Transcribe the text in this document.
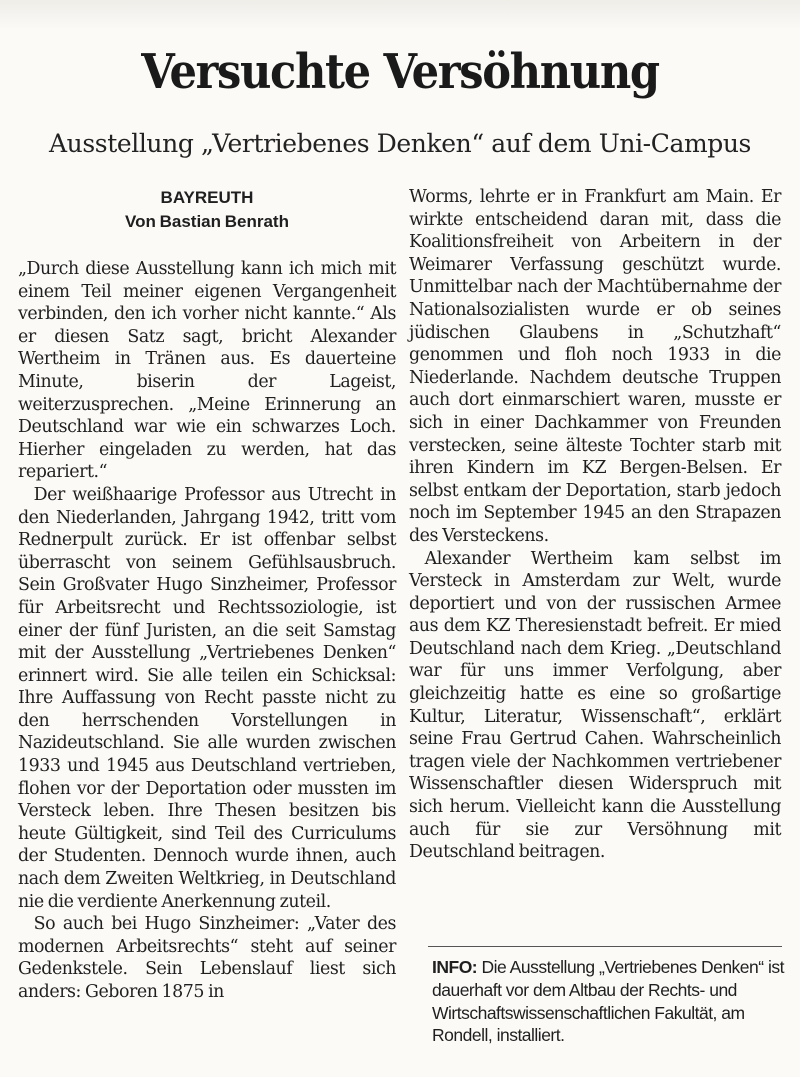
Versuchte Versöhnung
Ausstellung „Vertriebenes Denken“ auf dem Uni-Campus
BAYREUTH
Von Bastian Benrath

„Durch diese Ausstellung kann ich mich mit einem Teil meiner eigenen Vergangenheit verbinden, den ich vorher nicht kannte.“ Als er diesen Satz sagt, bricht Alexander Wertheim in Tränen aus. Es dauerteine Minute, biserin der Lageist, weiterzusprechen. „Meine Erinnerung an Deutschland war wie ein schwarzes Loch. Hierher eingeladen zu werden, hat das repariert.“

Der weißhaarige Professor aus Utrecht in den Niederlanden, Jahrgang 1942, tritt vom Rednerpult zurück. Er ist offenbar selbst überrascht von seinem Gefühlsausbruch. Sein Großvater Hugo Sinzheimer, Professor für Arbeitsrecht und Rechtssoziologie, ist einer der fünf Juristen, an die seit Samstag mit der Ausstellung „Vertriebenes Denken“ erinnert wird. Sie alle teilen ein Schicksal: Ihre Auffassung von Recht passte nicht zu den herrschenden Vorstellungen in Nazideutschland. Sie alle wurden zwischen 1933 und 1945 aus Deutschland vertrieben, flohen vor der Deportation oder mussten im Versteck leben. Ihre Thesen besitzen bis heute Gültigkeit, sind Teil des Curriculums der Studenten. Dennoch wurde ihnen, auch nach dem Zweiten Weltkrieg, in Deutschland nie die verdiente Anerkennung zuteil.

So auch bei Hugo Sinzheimer: „Vater des modernen Arbeitsrechts“ steht auf seiner Gedenkstele. Sein Lebenslauf liest sich anders: Geboren 1875 in

Worms, lehrte er in Frankfurt am Main. Er wirkte entscheidend daran mit, dass die Koalitionsfreiheit von Arbeitern in der Weimarer Verfassung geschützt wurde. Unmittelbar nach der Machtübernahme der Nationalsozialisten wurde er ob seines jüdischen Glaubens in „Schutzhaft“ genommen und floh noch 1933 in die Niederlande. Nachdem deutsche Truppen auch dort einmarschiert waren, musste er sich in einer Dachkammer von Freunden verstecken, seine älteste Tochter starb mit ihren Kindern im KZ Bergen-Belsen. Er selbst entkam der Deportation, starb jedoch noch im September 1945 an den Strapazen des Versteckens.

Alexander Wertheim kam selbst im Versteck in Amsterdam zur Welt, wurde deportiert und von der russischen Armee aus dem KZ Theresienstadt befreit. Er mied Deutschland nach dem Krieg. „Deutschland war für uns immer Verfolgung, aber gleichzeitig hatte es eine so großartige Kultur, Literatur, Wissenschaft“, erklärt seine Frau Gertrud Cahen. Wahrscheinlich tragen viele der Nachkommen vertriebener Wissenschaftler diesen Widerspruch mit sich herum. Vielleicht kann die Ausstellung auch für sie zur Versöhnung mit Deutschland beitragen.

INFO: Die Ausstellung „Vertriebenes Denken“ ist dauerhaft vor dem Altbau der Rechts- und Wirtschaftswissenschaftlichen Fakultät, am Rondell, installiert.
